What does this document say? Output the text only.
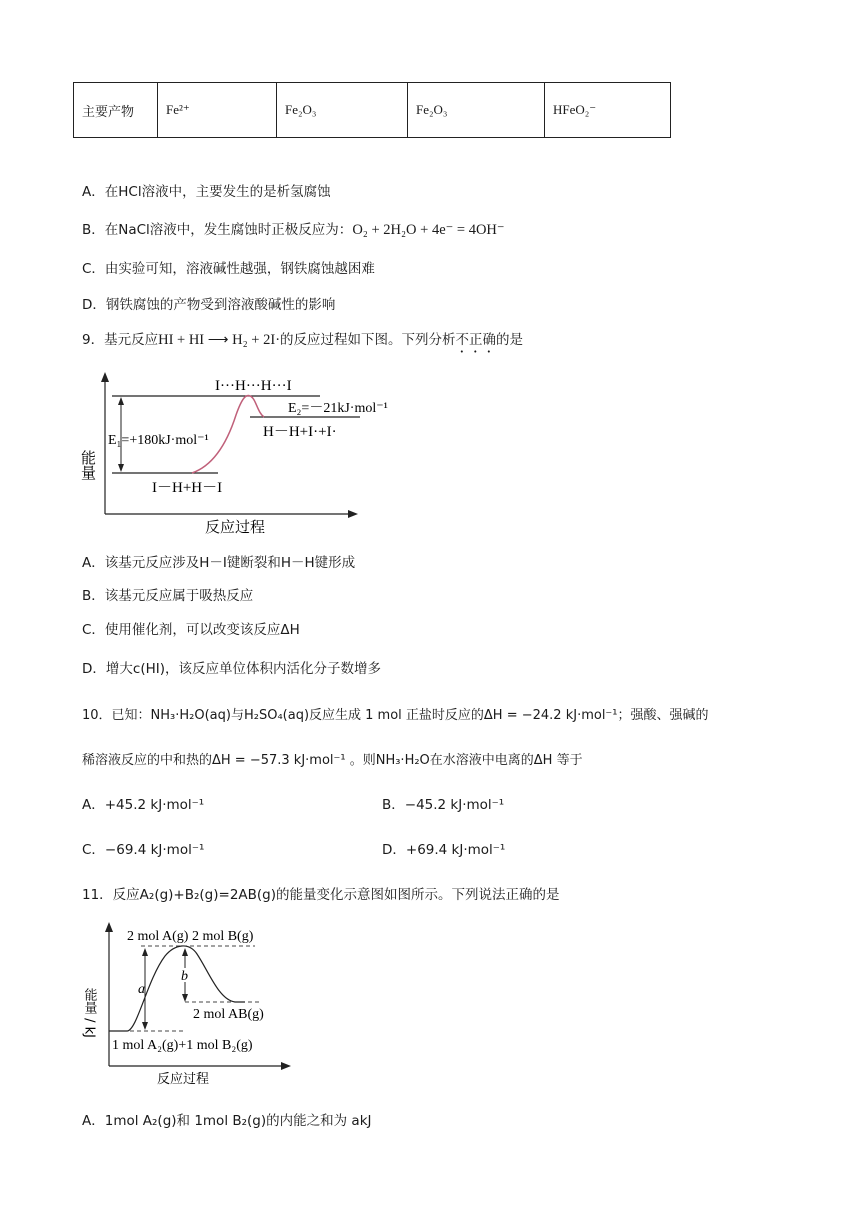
主要产物	Fe²⁺	Fe₂O₃	Fe₂O₃	HFeO₂⁻
A．在HCl溶液中，主要发生的是析氢腐蚀
B．在NaCl溶液中，发生腐蚀时正极反应为：O₂ + 2H₂O + 4e⁻ = 4OH⁻
C．由实验可知，溶液碱性越强，钢铁腐蚀越困难
D．钢铁腐蚀的产物受到溶液酸碱性的影响
9．基元反应HI + HI ⟶ H₂ + 2I·的反应过程如下图。下列分析不正确的是
能量
反应过程
I···H···H···I
I－H+H－I
H－H+I·+I·
E₁=+180kJ·mol⁻¹
E₂=－21kJ·mol⁻¹
A．该基元反应涉及H－I键断裂和H－H键形成
B．该基元反应属于吸热反应
C．使用催化剂，可以改变该反应ΔH
D．增大c(HI)，该反应单位体积内活化分子数增多
10．已知：NH₃·H₂O(aq)与H₂SO₄(aq)反应生成 1 mol 正盐时反应的ΔH = −24.2 kJ·mol⁻¹；强酸、强碱的
稀溶液反应的中和热的ΔH = −57.3 kJ·mol⁻¹ 。则NH₃·H₂O在水溶液中电离的ΔH 等于
A．+45.2 kJ·mol⁻¹	B．−45.2 kJ·mol⁻¹
C．−69.4 kJ·mol⁻¹	D．+69.4 kJ·mol⁻¹
11．反应A₂(g)+B₂(g)=2AB(g)的能量变化示意图如图所示。下列说法正确的是
能量 / kJ
反应过程
2 mol A(g) 2 mol B(g)
2 mol AB(g)
1 mol A₂(g)+1 mol B₂(g)
a
b
A．1mol A₂(g)和 1mol B₂(g)的内能之和为 akJ
